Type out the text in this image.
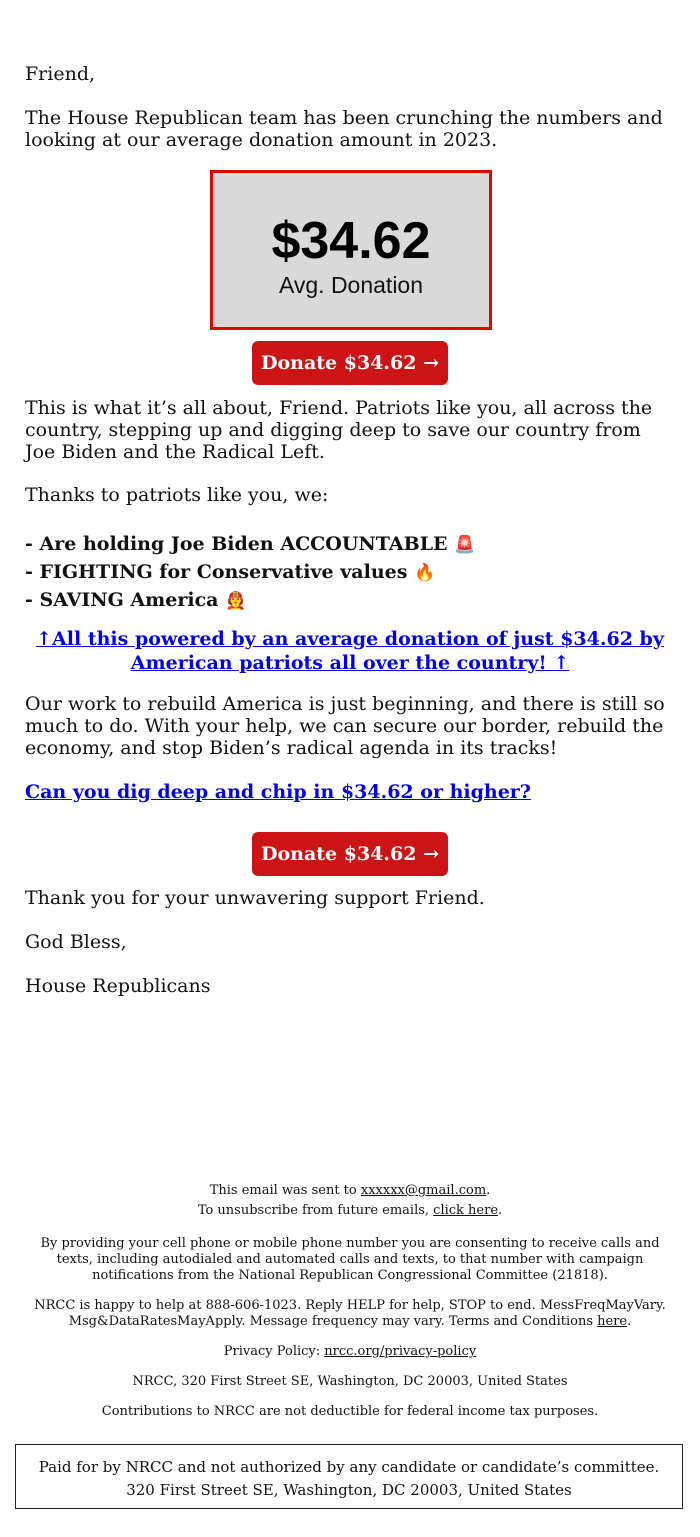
Friend,

The House Republican team has been crunching the numbers and looking at our average donation amount in 2023.

$34.62
Avg. Donation
Donate $34.62 →

This is what it’s all about, Friend. Patriots like you, all across the country, stepping up and digging deep to save our country from Joe Biden and the Radical Left.

Thanks to patriots like you, we:

- Are holding Joe Biden ACCOUNTABLE 🚨
- FIGHTING for Conservative values 🔥
- SAVING America 🧑‍🚒
↑All this powered by an average donation of just $34.62 by American patriots all over the country! ↑

Our work to rebuild America is just beginning, and there is still so much to do. With your help, we can secure our border, rebuild the economy, and stop Biden’s radical agenda in its tracks!

Can you dig deep and chip in $34.62 or higher?
Donate $34.62 →

Thank you for your unwavering support Friend.

God Bless,

House Republicans

This email was sent to xxxxxx@gmail.com.
To unsubscribe from future emails, click here.
By providing your cell phone or mobile phone number you are consenting to receive calls and texts, including autodialed and automated calls and texts, to that number with campaign notifications from the National Republican Congressional Committee (21818).
NRCC is happy to help at 888-606-1023. Reply HELP for help, STOP to end. MessFreqMayVary. Msg&DataRatesMayApply. Message frequency may vary. Terms and Conditions here.
Privacy Policy: nrcc.org/privacy-policy
NRCC, 320 First Street SE, Washington, DC 20003, United States
Contributions to NRCC are not deductible for federal income tax purposes.
Paid for by NRCC and not authorized by any candidate or candidate’s committee. 320 First Street SE, Washington, DC 20003, United States
